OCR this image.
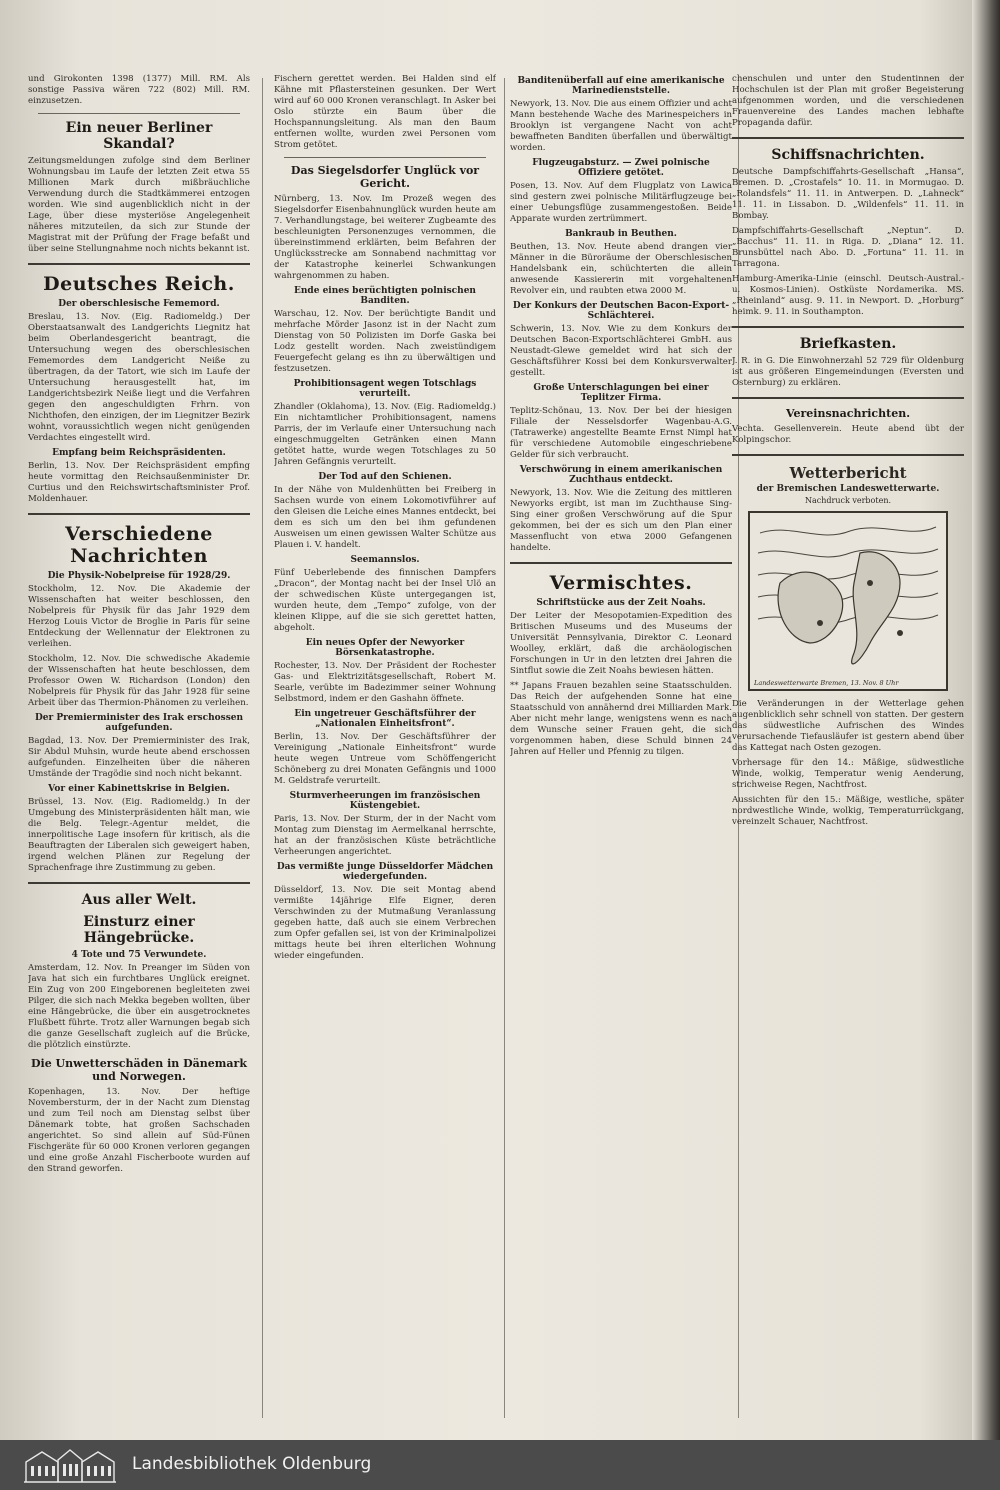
und Girokonten 1398 (1377) Mill. RM. Als sonstige Passiva wären 722 (802) Mill. RM. einzusetzen.

Ein neuer Berliner Skandal?

Zeitungsmeldungen zufolge sind dem Berliner Wohnungsbau im Laufe der letzten Zeit etwa 55 Millionen Mark durch mißbräuchliche Verwendung durch die Stadtkämmerei entzogen worden. Wie sind augenblicklich nicht in der Lage, über diese mysteriöse Angelegenheit näheres mitzuteilen, da sich zur Stunde der Magistrat mit der Prüfung der Frage befaßt und über seine Stellungnahme noch nichts bekannt ist.

Deutsches Reich.
Der oberschlesische Fememord.

Breslau, 13. Nov. (Eig. Radiomeldg.) Der Oberstaatsanwalt des Landgerichts Liegnitz hat beim Oberlandesgericht beantragt, die Untersuchung wegen des oberschlesischen Fememordes dem Landgericht Neiße zu übertragen, da der Tatort, wie sich im Laufe der Untersuchung herausgestellt hat, im Landgerichtsbezirk Neiße liegt und die Verfahren gegen den angeschuldigten Frhrn. von Nichthofen, den einzigen, der im Liegnitzer Bezirk wohnt, voraussichtlich wegen nicht genügenden Verdachtes eingestellt wird.

Empfang beim Reichspräsidenten.

Berlin, 13. Nov. Der Reichspräsident empfing heute vormittag den Reichsaußenminister Dr. Curtius und den Reichswirtschaftsminister Prof. Moldenhauer.

Verschiedene Nachrichten
Die Physik-Nobelpreise für 1928/29.

Stockholm, 12. Nov. Die Akademie der Wissenschaften hat weiter beschlossen, den Nobelpreis für Physik für das Jahr 1929 dem Herzog Louis Victor de Broglie in Paris für seine Entdeckung der Wellennatur der Elektronen zu verleihen.

Stockholm, 12. Nov. Die schwedische Akademie der Wissenschaften hat heute beschlossen, dem Professor Owen W. Richardson (London) den Nobelpreis für Physik für das Jahr 1928 für seine Arbeit über das Thermion-Phänomen zu verleihen.

Der Premierminister des Irak erschossen aufgefunden.

Bagdad, 13. Nov. Der Premierminister des Irak, Sir Abdul Muhsin, wurde heute abend erschossen aufgefunden. Einzelheiten über die näheren Umstände der Tragödie sind noch nicht bekannt.

Vor einer Kabinettskrise in Belgien.

Brüssel, 13. Nov. (Eig. Radiomeldg.) In der Umgebung des Ministerpräsidenten hält man, wie die Belg. Telegr.-Agentur meldet, die innerpolitische Lage insofern für kritisch, als die Beauftragten der Liberalen sich geweigert haben, irgend welchen Plänen zur Regelung der Sprachenfrage ihre Zustimmung zu geben.

Aus aller Welt.
Einsturz einer Hängebrücke.
4 Tote und 75 Verwundete.

Amsterdam, 12. Nov. In Preanger im Süden von Java hat sich ein furchtbares Unglück ereignet. Ein Zug von 200 Eingeborenen begleiteten zwei Pilger, die sich nach Mekka begeben wollten, über eine Hängebrücke, die über ein ausgetrocknetes Flußbett führte. Trotz aller Warnungen begab sich die ganze Gesellschaft zugleich auf die Brücke, die plötzlich einstürzte.

Die Unwetterschäden in Dänemark und Norwegen.

Kopenhagen, 13. Nov. Der heftige Novembersturm, der in der Nacht zum Dienstag und zum Teil noch am Dienstag selbst über Dänemark tobte, hat großen Sachschaden angerichtet. So sind allein auf Süd-Fünen Fischgeräte für 60 000 Kronen verloren gegangen und eine große Anzahl Fischerboote wurden auf den Strand geworfen.

Fischern gerettet werden. Bei Halden sind elf Kähne mit Pflastersteinen gesunken. Der Wert wird auf 60 000 Kronen veranschlagt. In Asker bei Oslo stürzte ein Baum über die Hochspannungsleitung. Als man den Baum entfernen wollte, wurden zwei Personen vom Strom getötet.

Das Siegelsdorfer Unglück vor Gericht.

Nürnberg, 13. Nov. Im Prozeß wegen des Siegelsdorfer Eisenbahnunglück wurden heute am 7. Verhandlungstage, bei weiterer Zugbeamte des beschleunigten Personenzuges vernommen, die übereinstimmend erklärten, beim Befahren der Unglücksstrecke am Sonnabend nachmittag vor der Katastrophe keinerlei Schwankungen wahrgenommen zu haben.

Ende eines berüchtigten polnischen Banditen.

Warschau, 12. Nov. Der berüchtigte Bandit und mehrfache Mörder Jasonz ist in der Nacht zum Dienstag von 50 Polizisten im Dorfe Gaska bei Lodz gestellt worden. Nach zweistündigem Feuergefecht gelang es ihn zu überwältigen und festzusetzen.

Prohibitionsagent wegen Totschlags verurteilt.

Zhandler (Oklahoma), 13. Nov. (Eig. Radiomeldg.) Ein nichtamtlicher Prohibitionsagent, namens Parris, der im Verlaufe einer Untersuchung nach eingeschmuggelten Getränken einen Mann getötet hatte, wurde wegen Totschlages zu 50 Jahren Gefängnis verurteilt.

Der Tod auf den Schienen.

In der Nähe von Muldenhütten bei Freiberg in Sachsen wurde von einem Lokomotivführer auf den Gleisen die Leiche eines Mannes entdeckt, bei dem es sich um den bei ihm gefundenen Ausweisen um einen gewissen Walter Schütze aus Plauen i. V. handelt.

Seemannslos.

Fünf Ueberlebende des finnischen Dampfers „Dracon“, der Montag nacht bei der Insel Ulö an der schwedischen Küste untergegangen ist, wurden heute, dem „Tempo“ zufolge, von der kleinen Klippe, auf die sie sich gerettet hatten, abgeholt.

Ein neues Opfer der Newyorker Börsenkatastrophe.

Rochester, 13. Nov. Der Präsident der Rochester Gas- und Elektrizitätsgesellschaft, Robert M. Searle, verübte im Badezimmer seiner Wohnung Selbstmord, indem er den Gashahn öffnete.

Ein ungetreuer Geschäftsführer der „Nationalen Einheitsfront“.

Berlin, 13. Nov. Der Geschäftsführer der Vereinigung „Nationale Einheitsfront“ wurde heute wegen Untreue vom Schöffengericht Schöneberg zu drei Monaten Gefängnis und 1000 M. Geldstrafe verurteilt.

Sturmverheerungen im französischen Küstengebiet.

Paris, 13. Nov. Der Sturm, der in der Nacht vom Montag zum Dienstag im Aermelkanal herrschte, hat an der französischen Küste beträchtliche Verheerungen angerichtet.

Das vermißte junge Düsseldorfer Mädchen wiedergefunden.

Düsseldorf, 13. Nov. Die seit Montag abend vermißte 14jährige Elfe Eigner, deren Verschwinden zu der Mutmaßung Veranlassung gegeben hatte, daß auch sie einem Verbrechen zum Opfer gefallen sei, ist von der Kriminalpolizei mittags heute bei ihren elterlichen Wohnung wieder eingefunden.

Banditenüberfall auf eine amerikanische Marinedienststelle.

Newyork, 13. Nov. Die aus einem Offizier und acht Mann bestehende Wache des Marinespeichers in Brooklyn ist vergangene Nacht von acht bewaffneten Banditen überfallen und überwältigt worden.

Flugzeugabsturz. — Zwei polnische Offiziere getötet.

Posen, 13. Nov. Auf dem Flugplatz von Lawica sind gestern zwei polnische Militärflugzeuge bei einer Uebungsflüge zusammengestoßen. Beide Apparate wurden zertrümmert.

Bankraub in Beuthen.

Beuthen, 13. Nov. Heute abend drangen vier Männer in die Büroräume der Oberschlesischen Handelsbank ein, schüchterten die allein anwesende Kassiererin mit vorgehaltenen Revolver ein, und raubten etwa 2000 M.

Der Konkurs der Deutschen Bacon-Export-Schlächterei.

Schwerin, 13. Nov. Wie zu dem Konkurs der Deutschen Bacon-Exportschlächterei GmbH. aus Neustadt-Glewe gemeldet wird hat sich der Geschäftsführer Kossi bei dem Konkursverwalter gestellt.

Große Unterschlagungen bei einer Teplitzer Firma.

Teplitz-Schönau, 13. Nov. Der bei der hiesigen Filiale der Nesselsdorfer Wagenbau-A.G. (Tatrawerke) angestellte Beamte Ernst Nimpl hat für verschiedene Automobile eingeschriebene Gelder für sich verbraucht.

Verschwörung in einem amerikanischen Zuchthaus entdeckt.

Newyork, 13. Nov. Wie die Zeitung des mittleren Newyorks ergibt, ist man im Zuchthause Sing-Sing einer großen Verschwörung auf die Spur gekommen, bei der es sich um den Plan einer Massenflucht von etwa 2000 Gefangenen handelte.

Vermischtes.
Schriftstücke aus der Zeit Noahs.

Der Leiter der Mesopotamien-Expedition des Britischen Museums und des Museums der Universität Pennsylvania, Direktor C. Leonard Woolley, erklärt, daß die archäologischen Forschungen in Ur in den letzten drei Jahren die Sintflut sowie die Zeit Noahs bewiesen hätten.

** Japans Frauen bezahlen seine Staatsschulden. Das Reich der aufgehenden Sonne hat eine Staatsschuld von annähernd drei Milliarden Mark. Aber nicht mehr lange, wenigstens wenn es nach dem Wunsche seiner Frauen geht, die sich vorgenommen haben, diese Schuld binnen 24 Jahren auf Heller und Pfennig zu tilgen.

chenschulen und unter den Studentinnen der Hochschulen ist der Plan mit großer Begeisterung aufgenommen worden, und die verschiedenen Frauenvereine des Landes machen lebhafte Propaganda dafür.

Schiffsnachrichten.

Deutsche Dampfschiffahrts-Gesellschaft „Hansa“, Bremen. D. „Crostafels“ 10. 11. in Mormugao. D. „Rolandsfels“ 11. 11. in Antwerpen. D. „Lahneck“ 11. 11. in Lissabon. D. „Wildenfels“ 11. 11. in Bombay.

Dampfschiffahrts-Gesellschaft „Neptun“. D. „Bacchus“ 11. 11. in Riga. D. „Diana“ 12. 11. Brunsbüttel nach Abo. D. „Fortuna“ 11. 11. in Tarragona.

Hamburg-Amerika-Linie (einschl. Deutsch-Austral.- u. Kosmos-Linien). Ostküste Nordamerika. MS. „Rheinland“ ausg. 9. 11. in Newport. D. „Horburg“ heimk. 9. 11. in Southampton.

Briefkasten.

J. R. in G. Die Einwohnerzahl 52 729 für Oldenburg ist aus größeren Eingemeindungen (Eversten und Osternburg) zu erklären.

Vereinsnachrichten.

Vechta. Gesellenverein. Heute abend übt der Kolpingschor.

Wetterbericht
der Bremischen Landeswetterwarte.
Nachdruck verboten.
Landeswetterwarte Bremen, 13. Nov. 8 Uhr

Die Veränderungen in der Wetterlage gehen augenblicklich sehr schnell von statten. Der gestern das südwestliche Aufrischen des Windes verursachende Tiefausläufer ist gestern abend über das Kattegat nach Osten gezogen.

Vorhersage für den 14.: Mäßige, südwestliche Winde, wolkig, Temperatur wenig Aenderung, strichweise Regen, Nachtfrost.

Aussichten für den 15.: Mäßige, westliche, später nordwestliche Winde, wolkig, Temperaturrückgang, vereinzelt Schauer, Nachtfrost.

Landesbibliothek Oldenburg
